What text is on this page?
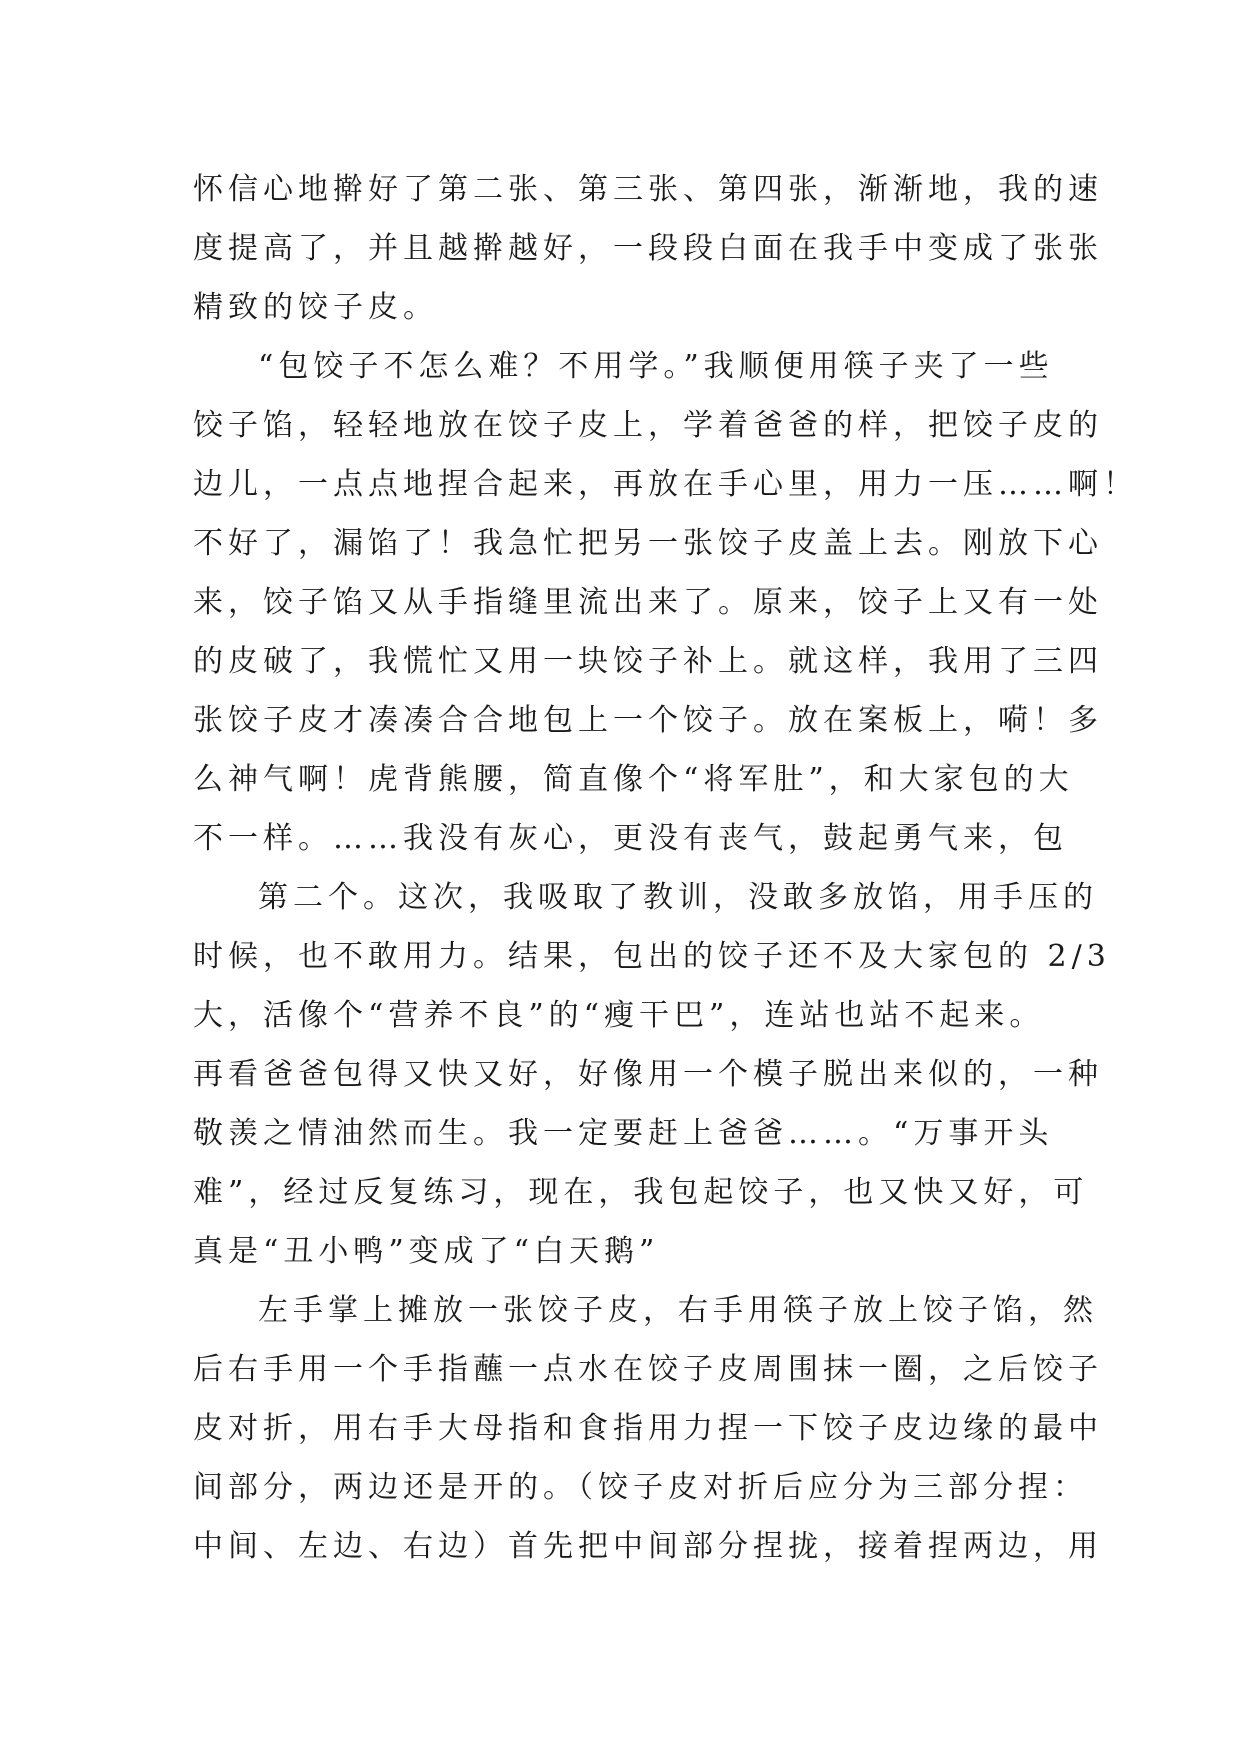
怀信心地擀好了第二张、第三张、第四张，渐渐地，我的速
度提高了，并且越擀越好，一段段白面在我手中变成了张张
精致的饺子皮。
“包饺子不怎么难？不用学。”我顺便用筷子夹了一些
饺子馅，轻轻地放在饺子皮上，学着爸爸的样，把饺子皮的
边儿，一点点地捏合起来，再放在手心里，用力一压……啊！
不好了，漏馅了！我急忙把另一张饺子皮盖上去。刚放下心
来，饺子馅又从手指缝里流出来了。原来，饺子上又有一处
的皮破了，我慌忙又用一块饺子补上。就这样，我用了三四
张饺子皮才凑凑合合地包上一个饺子。放在案板上，嗬！多
么神气啊！虎背熊腰，简直像个“将军肚”，和大家包的大
不一样。……我没有灰心，更没有丧气，鼓起勇气来，包
第二个。这次，我吸取了教训，没敢多放馅，用手压的
时候，也不敢用力。结果，包出的饺子还不及大家包的 2/3
大，活像个“营养不良”的“瘦干巴”，连站也站不起来。
再看爸爸包得又快又好，好像用一个模子脱出来似的，一种
敬羡之情油然而生。我一定要赶上爸爸……。“万事开头
难”，经过反复练习，现在，我包起饺子，也又快又好，可
真是“丑小鸭”变成了“白天鹅”
左手掌上摊放一张饺子皮，右手用筷子放上饺子馅，然
后右手用一个手指蘸一点水在饺子皮周围抹一圈，之后饺子
皮对折，用右手大母指和食指用力捏一下饺子皮边缘的最中
间部分，两边还是开的。（饺子皮对折后应分为三部分捏：
中间、左边、右边）首先把中间部分捏拢，接着捏两边，用
